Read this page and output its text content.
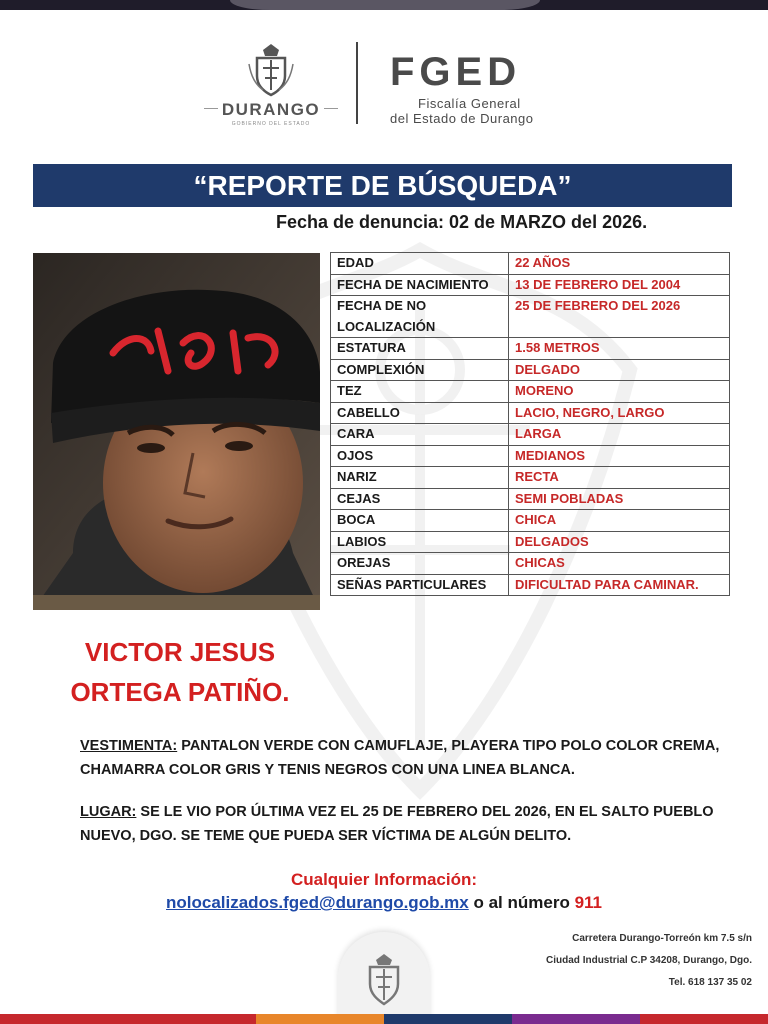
DURANGO
GOBIERNO DEL ESTADO
FGED
Fiscalía General
del Estado de Durango
“REPORTE DE BÚSQUEDA”
Fecha de denuncia: 02 de MARZO del 2026.
EDAD	22 AÑOS
FECHA DE NACIMIENTO	13 DE FEBRERO DEL 2004
FECHA DE NO LOCALIZACIÓN	25 DE FEBRERO DEL 2026
ESTATURA	1.58 METROS
COMPLEXIÓN	DELGADO
TEZ	MORENO
CABELLO	LACIO, NEGRO, LARGO
CARA	LARGA
OJOS	MEDIANOS
NARIZ	RECTA
CEJAS	SEMI POBLADAS
BOCA	CHICA
LABIOS	DELGADOS
OREJAS	CHICAS
SEÑAS PARTICULARES	DIFICULTAD PARA CAMINAR.
VICTOR JESUS
ORTEGA PATIÑO.
VESTIMENTA: PANTALON VERDE CON CAMUFLAJE, PLAYERA TIPO POLO COLOR CREMA, CHAMARRA COLOR GRIS Y TENIS NEGROS CON UNA LINEA BLANCA.
LUGAR: SE LE VIO POR ÚLTIMA VEZ EL 25 DE FEBRERO DEL 2026, EN EL SALTO PUEBLO NUEVO, DGO. SE TEME QUE PUEDA SER VÍCTIMA DE ALGÚN DELITO.
Cualquier Información:
nolocalizados.fged@durango.gob.mx o al número 911
Carretera Durango-Torreón km 7.5 s/n
Ciudad Industrial C.P 34208, Durango, Dgo.
Tel. 618 137 35 02
